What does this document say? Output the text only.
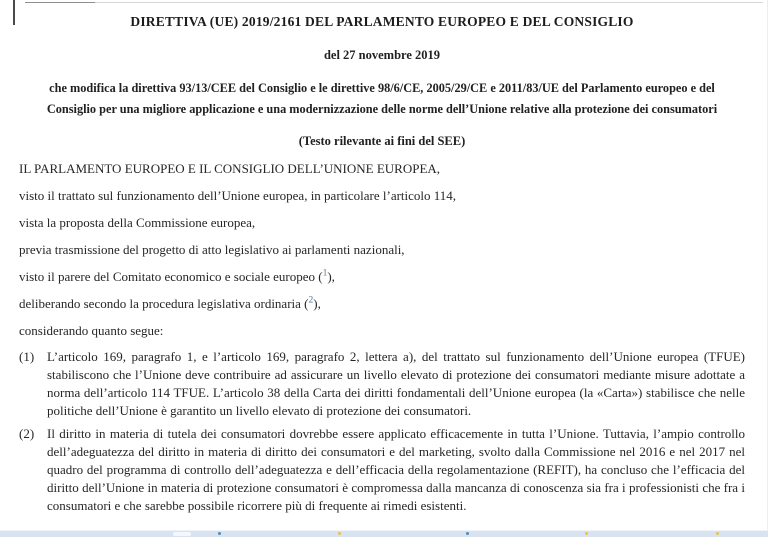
DIRETTIVA (UE) 2019/2161 DEL PARLAMENTO EUROPEO E DEL CONSIGLIO

del 27 novembre 2019

che modifica la direttiva 93/13/CEE del Consiglio e le direttive 98/6/CE, 2005/29/CE e 2011/83/UE del Parlamento europeo e del Consiglio per una migliore applicazione e una modernizzazione delle norme dell’Unione relative alla protezione dei consumatori

(Testo rilevante ai fini del SEE)

IL PARLAMENTO EUROPEO E IL CONSIGLIO DELL’UNIONE EUROPEA,

visto il trattato sul funzionamento dell’Unione europea, in particolare l’articolo 114,

vista la proposta della Commissione europea,

previa trasmissione del progetto di atto legislativo ai parlamenti nazionali,

visto il parere del Comitato economico e sociale europeo ($^1$),

deliberando secondo la procedura legislativa ordinaria ($^2$),

considerando quanto segue:

(1) L’articolo 169, paragrafo 1, e l’articolo 169, paragrafo 2, lettera a), del trattato sul funzionamento dell’Unione europea (TFUE) stabiliscono che l’Unione deve contribuire ad assicurare un livello elevato di protezione dei consumatori mediante misure adottate a norma dell’articolo 114 TFUE. L’articolo 38 della Carta dei diritti fondamentali dell’Unione europea (la «Carta») stabilisce che nelle politiche dell’Unione è garantito un livello elevato di protezione dei consumatori.
(2) Il diritto in materia di tutela dei consumatori dovrebbe essere applicato efficacemente in tutta l’Unione. Tuttavia, l’ampio controllo dell’adeguatezza del diritto in materia di diritto dei consumatori e del marketing, svolto dalla Commissione nel 2016 e nel 2017 nel quadro del programma di controllo dell’adeguatezza e dell’efficacia della regolamentazione (REFIT), ha concluso che l’efficacia del diritto dell’Unione in materia di protezione consumatori è compromessa dalla mancanza di conoscenza sia fra i professionisti che fra i consumatori e che sarebbe possibile ricorrere più di frequente ai rimedi esistenti.
